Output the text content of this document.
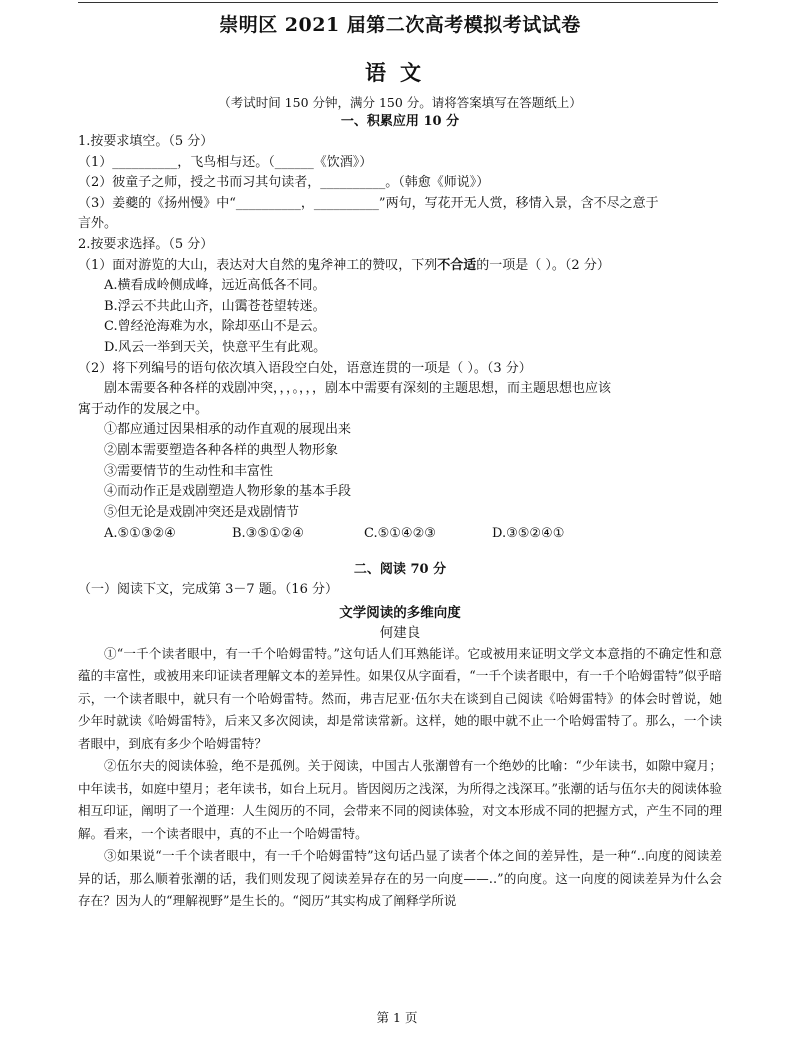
崇明区 2021 届第二次高考模拟考试试卷
语文
（考试时间 150 分钟，满分 150 分。请将答案填写在答题纸上）
一、积累应用 10 分

1.按要求填空。（5 分）

（1）__________，飞鸟相与还。（______《饮酒》）

（2）彼童子之师，授之书而习其句读者，__________。（韩愈《师说》）

（3）姜夔的《扬州慢》中“__________，__________”两句，写花开无人赏，移情入景，含不尽之意于

言外。

2.按要求选择。（5 分）

（1）面对游览的大山，表达对大自然的鬼斧神工的赞叹，下列不合适的一项是（ ）。（2 分）

A.横看成岭侧成峰，远近高低各不同。

B.浮云不共此山齐，山霭苍苍望转迷。

C.曾经沧海难为水，除却巫山不是云。

D.风云一举到天关，快意平生有此观。

（2）将下列编号的语句依次填入语段空白处，语意连贯的一项是（ ）。（3 分）

剧本需要各种各样的戏剧冲突，，，。，，，剧本中需要有深刻的主题思想，而主题思想也应该

寓于动作的发展之中。

①都应通过因果相承的动作直观的展现出来

②剧本需要塑造各种各样的典型人物形象

③需要情节的生动性和丰富性

④而动作正是戏剧塑造人物形象的基本手段

⑤但无论是戏剧冲突还是戏剧情节

A.⑤①③②④	B.③⑤①②④	C.⑤①④②③	D.③⑤②④①
二、阅读 70 分

（一）阅读下文，完成第 3－7 题。（16 分）

文学阅读的多维向度
何建良

①“一千个读者眼中，有一千个哈姆雷特。”这句话人们耳熟能详。它或被用来证明文学文本意指的不确定性和意蕴的丰富性，或被用来印证读者理解文本的差异性。如果仅从字面看，“一千个读者眼中，有一千个哈姆雷特”似乎暗示，一个读者眼中，就只有一个哈姆雷特。然而，弗吉尼亚·伍尔夫在谈到自己阅读《哈姆雷特》的体会时曾说，她少年时就读《哈姆雷特》，后来又多次阅读，却是常读常新。这样，她的眼中就不止一个哈姆雷特了。那么，一个读者眼中，到底有多少个哈姆雷特？

②伍尔夫的阅读体验，绝不是孤例。关于阅读，中国古人张潮曾有一个绝妙的比喻：“少年读书，如隙中窥月；中年读书，如庭中望月；老年读书，如台上玩月。皆因阅历之浅深，为所得之浅深耳。”张潮的话与伍尔夫的阅读体验相互印证，阐明了一个道理：人生阅历的不同，会带来不同的阅读体验，对文本形成不同的把握方式，产生不同的理解。看来，一个读者眼中，真的不止一个哈姆雷特。

③如果说“一千个读者眼中，有一千个哈姆雷特”这句话凸显了读者个体之间的差异性，是一种“‥向度的阅读差异的话，那么顺着张潮的话，我们则发现了阅读差异存在的另一向度——‥”的向度。这一向度的阅读差异为什么会存在？因为人的“理解视野”是生长的。“阅历”其实构成了阐释学所说

第 1 页
